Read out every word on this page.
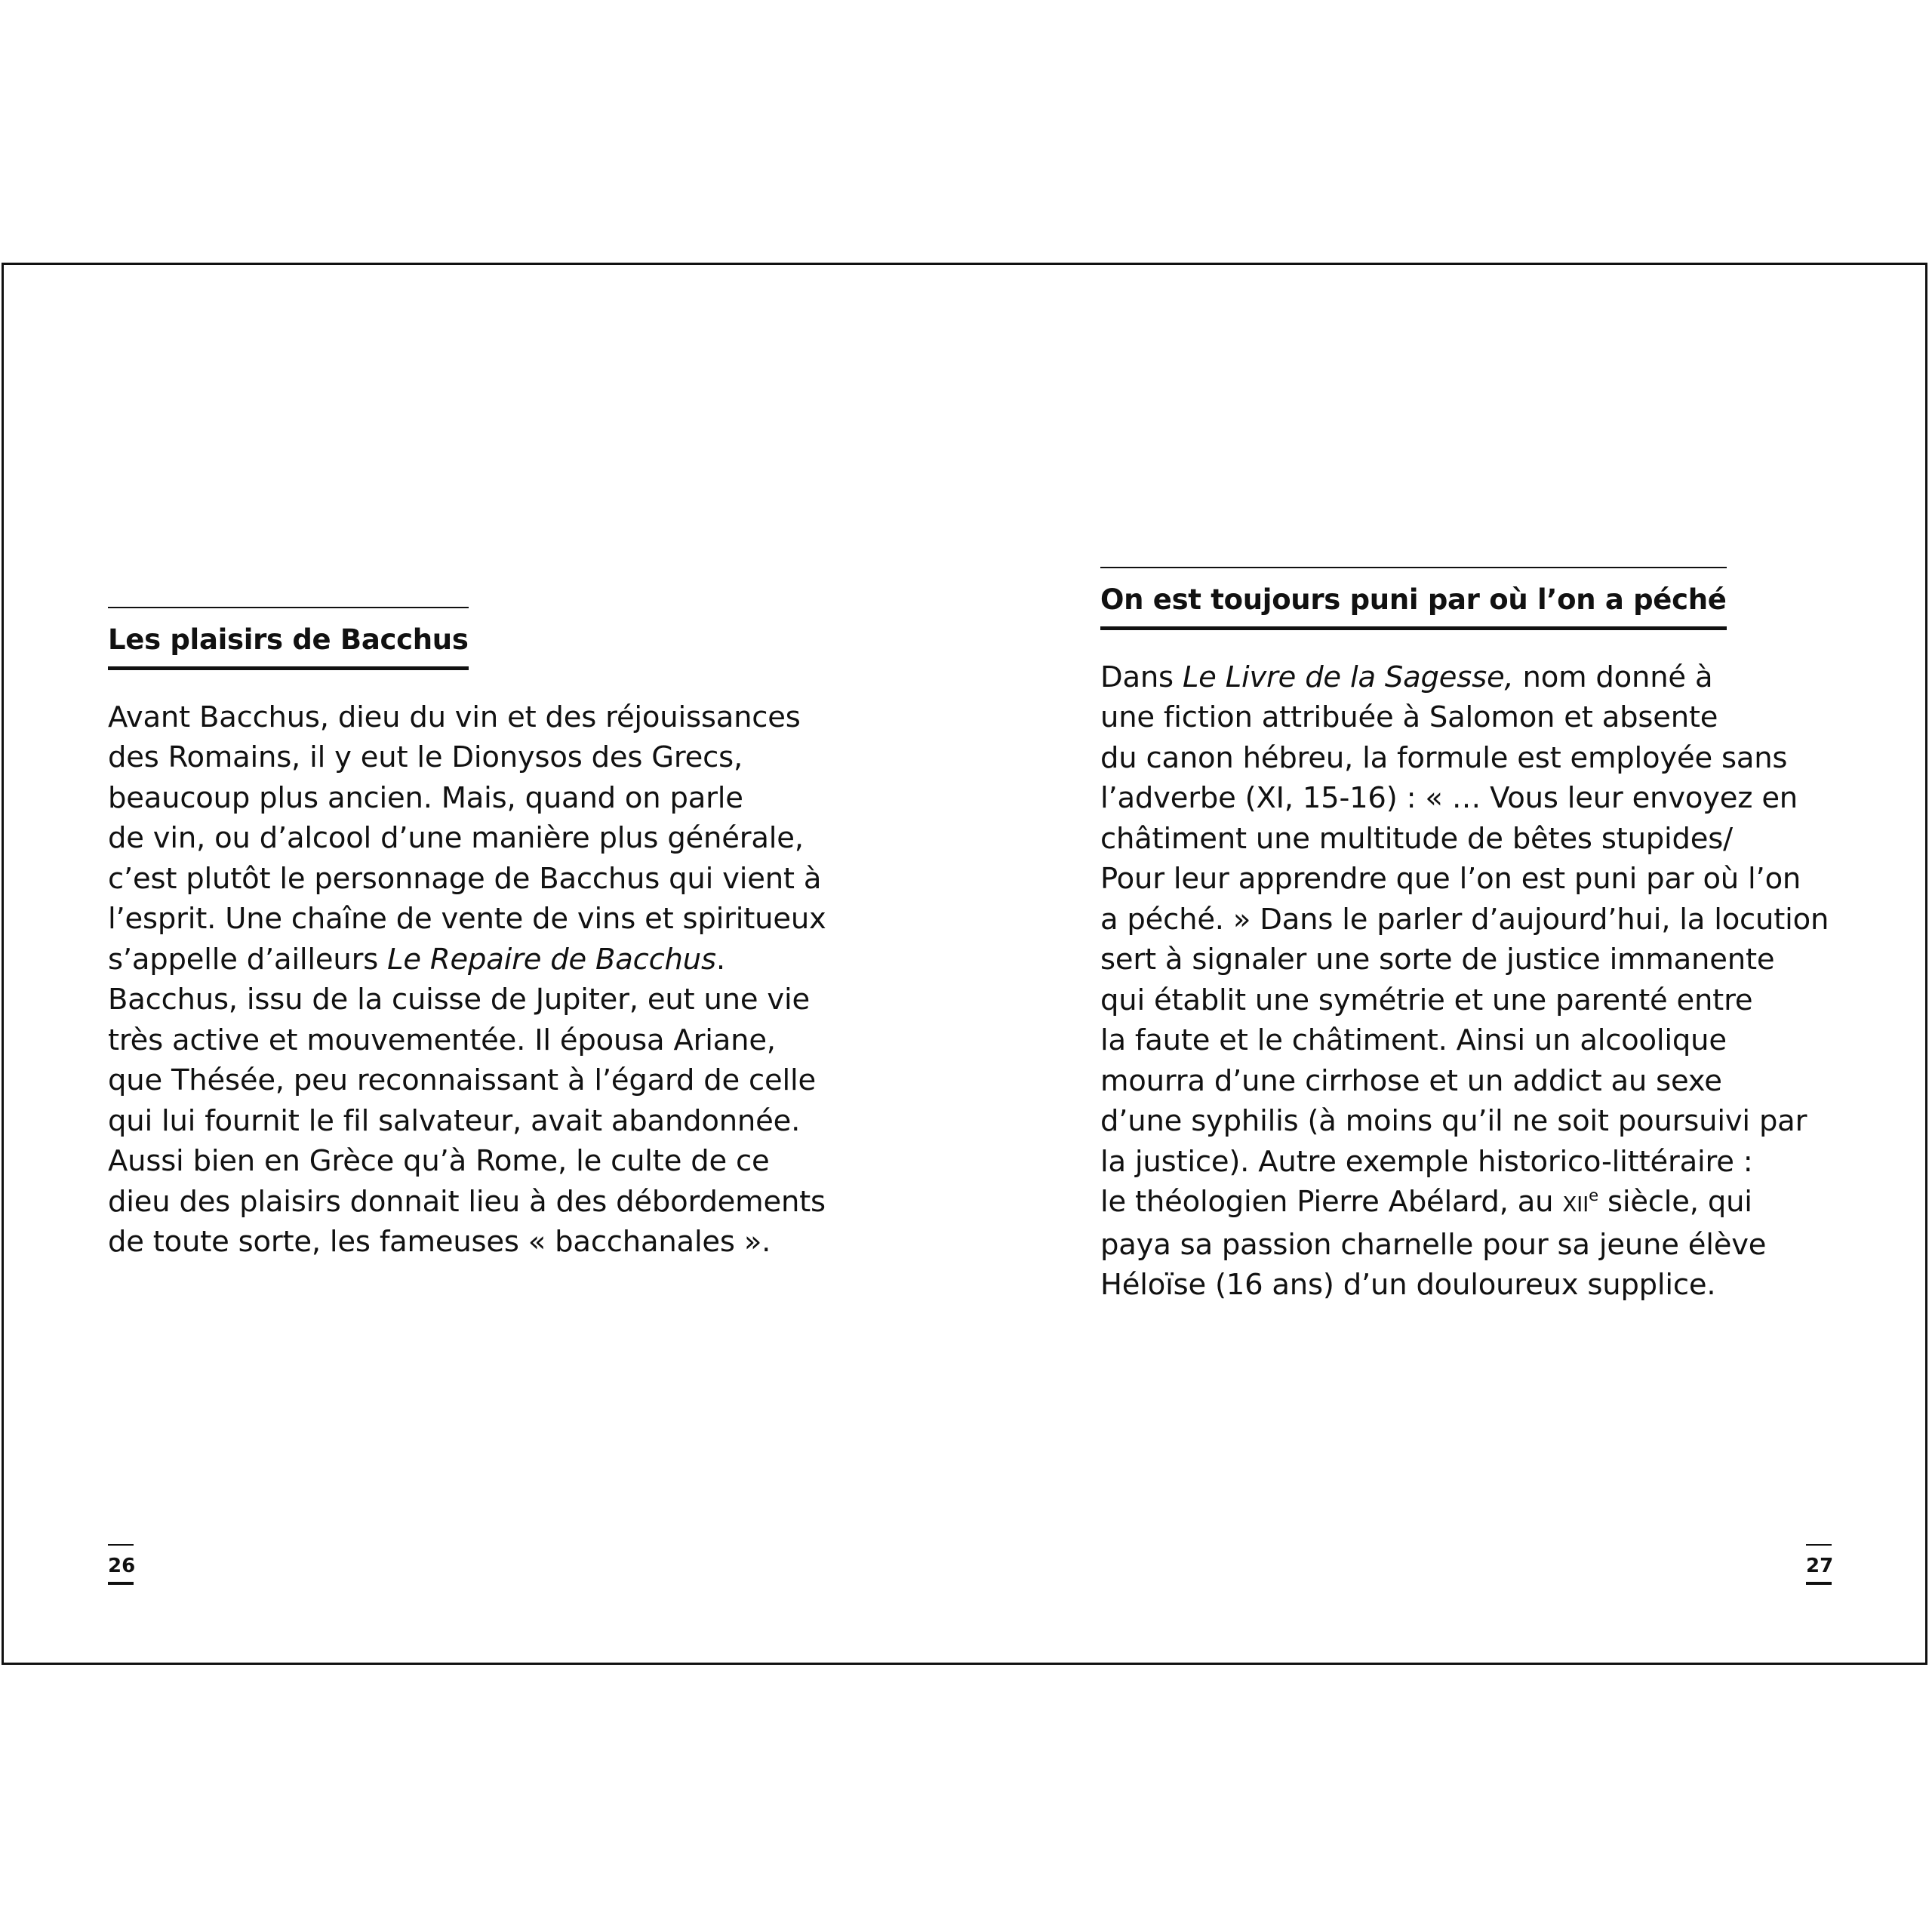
Les plaisirs de Bacchus
Avant Bacchus, dieu du vin et des réjouissances
des Romains, il y eut le Dionysos des Grecs,
beaucoup plus ancien. Mais, quand on parle
de vin, ou d’alcool d’une manière plus générale,
c’est plutôt le personnage de Bacchus qui vient à
l’esprit. Une chaîne de vente de vins et spiritueux
s’appelle d’ailleurs Le Repaire de Bacchus.
Bacchus, issu de la cuisse de Jupiter, eut une vie
très active et mouvementée. Il épousa Ariane,
que Thésée, peu reconnaissant à l’égard de celle
qui lui fournit le fil salvateur, avait abandonnée.
Aussi bien en Grèce qu’à Rome, le culte de ce
dieu des plaisirs donnait lieu à des débordements
de toute sorte, les fameuses « bacchanales ».
On est toujours puni par où l’on a péché
Dans Le Livre de la Sagesse, nom donné à
une fiction attribuée à Salomon et absente
du canon hébreu, la formule est employée sans
l’adverbe (XI, 15-16) : « … Vous leur envoyez en
châtiment une multitude de bêtes stupides/
Pour leur apprendre que l’on est puni par où l’on
a péché. » Dans le parler d’aujourd’hui, la locution
sert à signaler une sorte de justice immanente
qui établit une symétrie et une parenté entre
la faute et le châtiment. Ainsi un alcoolique
mourra d’une cirrhose et un addict au sexe
d’une syphilis (à moins qu’il ne soit poursuivi par
la justice). Autre exemple historico-littéraire :
le théologien Pierre Abélard, au XIIe siècle, qui
paya sa passion charnelle pour sa jeune élève
Héloïse (16 ans) d’un douloureux supplice.
26	27
